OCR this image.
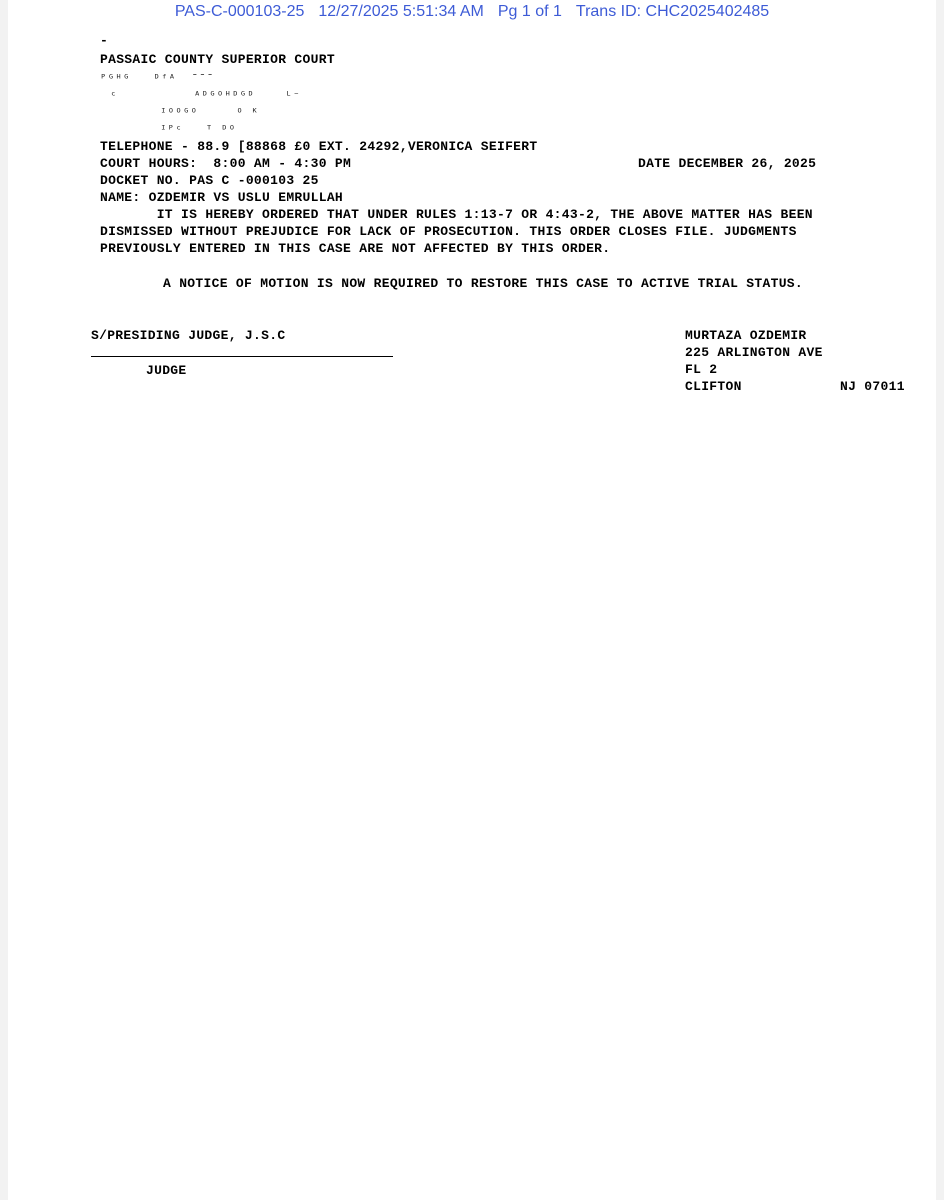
PAS-C-000103-25 12/27/2025 5:51:34 AM Pg 1 of 1 Trans ID: CHC2025402485
-
PASSAIC COUNTY SUPERIOR COURT
ᴾᴳᴴᴳ   ᴰᶠᴬ  ˉˉˉ
ᶜ          ᴬᴰᴳᴼᴴᴰᴳᴰ    ᴸ⁻
ᴵᴼᴼᴳᴼ     ᴼ ᴷ
ᴵᴾᶜ   ᵀ ᴰᴼ
TELEPHONE - 88.9 [88868 £0 EXT. 24292,VERONICA SEIFERT
COURT HOURS:  8:00 AM - 4:30 PM	DATE DECEMBER 26, 2025
DOCKET NO. PAS C -000103 25
NAME: OZDEMIR VS USLU EMRULLAH
IT IS HEREBY ORDERED THAT UNDER RULES 1:13-7 OR 4:43-2, THE ABOVE MATTER HAS BEEN
DISMISSED WITHOUT PREJUDICE FOR LACK OF PROSECUTION. THIS ORDER CLOSES FILE. JUDGMENTS
PREVIOUSLY ENTERED IN THIS CASE ARE NOT AFFECTED BY THIS ORDER.
A NOTICE OF MOTION IS NOW REQUIRED TO RESTORE THIS CASE TO ACTIVE TRIAL STATUS.
S/PRESIDING JUDGE, J.S.C
JUDGE
MURTAZA OZDEMIR
225 ARLINGTON AVE
FL 2
CLIFTON	NJ 07011
